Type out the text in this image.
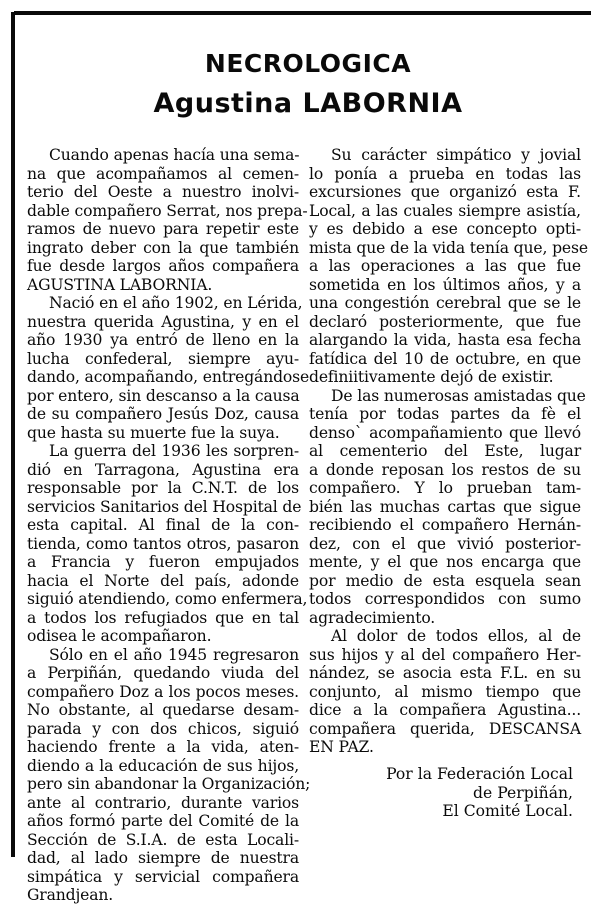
NECROLOGICA
Agustina LABORNIA
Cuando apenas hacía una sema-
na que acompañamos al cemen-
terio del Oeste a nuestro inolvi-
dable compañero Serrat, nos prepa-
ramos de nuevo para repetir este
ingrato deber con la que también
fue desde largos años compañera
AGUSTINA LABORNIA.
Nació en el año 1902, en Lérida,
nuestra querida Agustina, y en el
año 1930 ya entró de lleno en la
lucha confederal, siempre ayu-
dando, acompañando, entregándose
por entero, sin descanso a la causa
de su compañero Jesús Doz, causa
que hasta su muerte fue la suya.
La guerra del 1936 les sorpren-
dió en Tarragona, Agustina era
responsable por la C.N.T. de los
servicios Sanitarios del Hospital de
esta capital. Al final de la con-
tienda, como tantos otros, pasaron
a Francia y fueron empujados
hacia el Norte del país, adonde
siguió atendiendo, como enfermera,
a todos los refugiados que en tal
odisea le acompañaron.
Sólo en el año 1945 regresaron
a Perpiñán, quedando viuda del
compañero Doz a los pocos meses.
No obstante, al quedarse desam-
parada y con dos chicos, siguió
haciendo frente a la vida, aten-
diendo a la educación de sus hijos,
pero sin abandonar la Organización;
ante al contrario, durante varios
años formó parte del Comité de la
Sección de S.I.A. de esta Locali-
dad, al lado siempre de nuestra
simpática y servicial compañera
Grandjean.
Su carácter simpático y jovial
lo ponía a prueba en todas las
excursiones que organizó esta F.
Local, a las cuales siempre asistía,
y es debido a ese concepto opti-
mista que de la vida tenía que, pese
a las operaciones a las que fue
sometida en los últimos años, y a
una congestión cerebral que se le
declaró posteriormente, que fue
alargando la vida, hasta esa fecha
fatídica del 10 de octubre, en que
definiitivamente dejó de existir.
De las numerosas amistadas que
tenía por todas partes da fè el
denso` acompañamiento que llevó
al cementerio del Este, lugar
a donde reposan los restos de su
compañero. Y lo prueban tam-
bién las muchas cartas que sigue
recibiendo el compañero Hernán-
dez, con el que vivió posterior-
mente, y el que nos encarga que
por medio de esta esquela sean
todos correspondidos con sumo
agradecimiento.
Al dolor de todos ellos, al de
sus hijos y al del compañero Her-
nández, se asocia esta F.L. en su
conjunto, al mismo tiempo que
dice a la compañera Agustina...
compañera querida, DESCANSA
EN PAZ.
Por la Federación Local
de Perpiñán,
El Comité Local.
